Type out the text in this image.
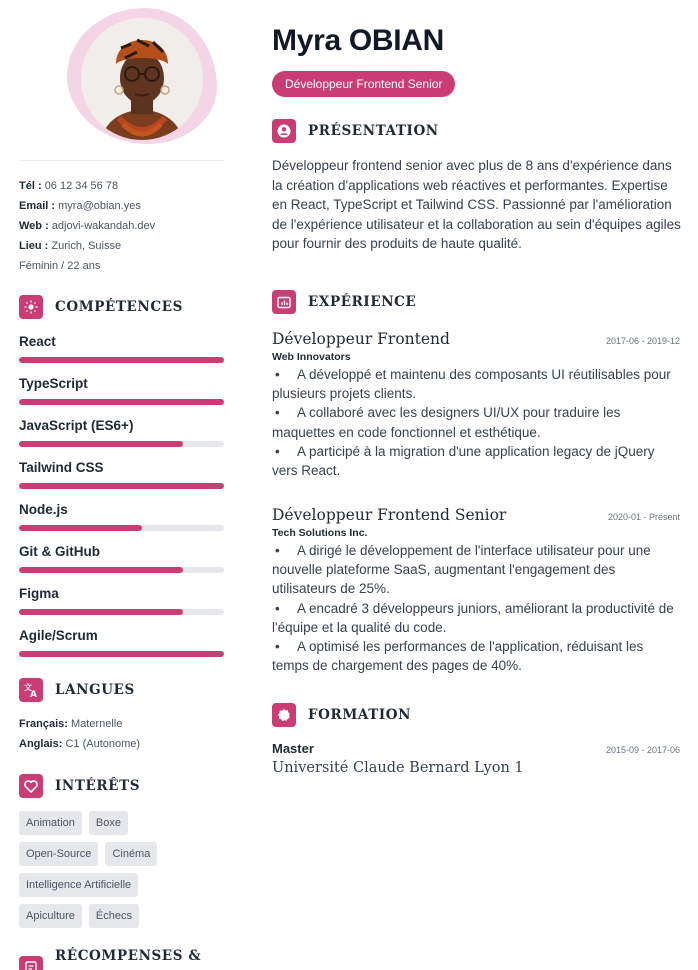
Tél : 06 12 34 56 78
Email : myra@obian.yes
Web : adjovi-wakandah.dev
Lieu : Zurich, Suisse
Féminin / 22 ans
COMPÉTENCES
React
TypeScript
JavaScript (ES6+)
Tailwind CSS
Node.js
Git & GitHub
Figma
Agile/Scrum
文
A LANGUES
Français: Maternelle
Anglais: C1 (Autonome)
INTÉRÊTS
Animation	Boxe
Open-Source	Cinéma
Intelligence Artificielle
Apiculture	Échecs
RÉCOMPENSES &
Myra OBIAN
Développeur Frontend Senior
PRÉSENTATION

Développeur frontend senior avec plus de 8 ans d'expérience dans la création d'applications web réactives et performantes. Expertise en React, TypeScript et Tailwind CSS. Passionné par l'amélioration de l'expérience utilisateur et la collaboration au sein d'équipes agiles pour fournir des produits de haute qualité.

EXPÉRIENCE
Développeur Frontend	2017-06 - 2019-12
Web Innovators
• A développé et maintenu des composants UI réutilisables pour plusieurs projets clients.
• A collaboré avec les designers UI/UX pour traduire les maquettes en code fonctionnel et esthétique.
• A participé à la migration d'une application legacy de jQuery vers React.
Développeur Frontend Senior	2020-01 - Présent
Tech Solutions Inc.
• A dirigé le développement de l'interface utilisateur pour une nouvelle plateforme SaaS, augmentant l'engagement des utilisateurs de 25%.
• A encadré 3 développeurs juniors, améliorant la productivité de l'équipe et la qualité du code.
• A optimisé les performances de l'application, réduisant les temps de chargement des pages de 40%.
FORMATION
Master	2015-09 - 2017-06
Université Claude Bernard Lyon 1
